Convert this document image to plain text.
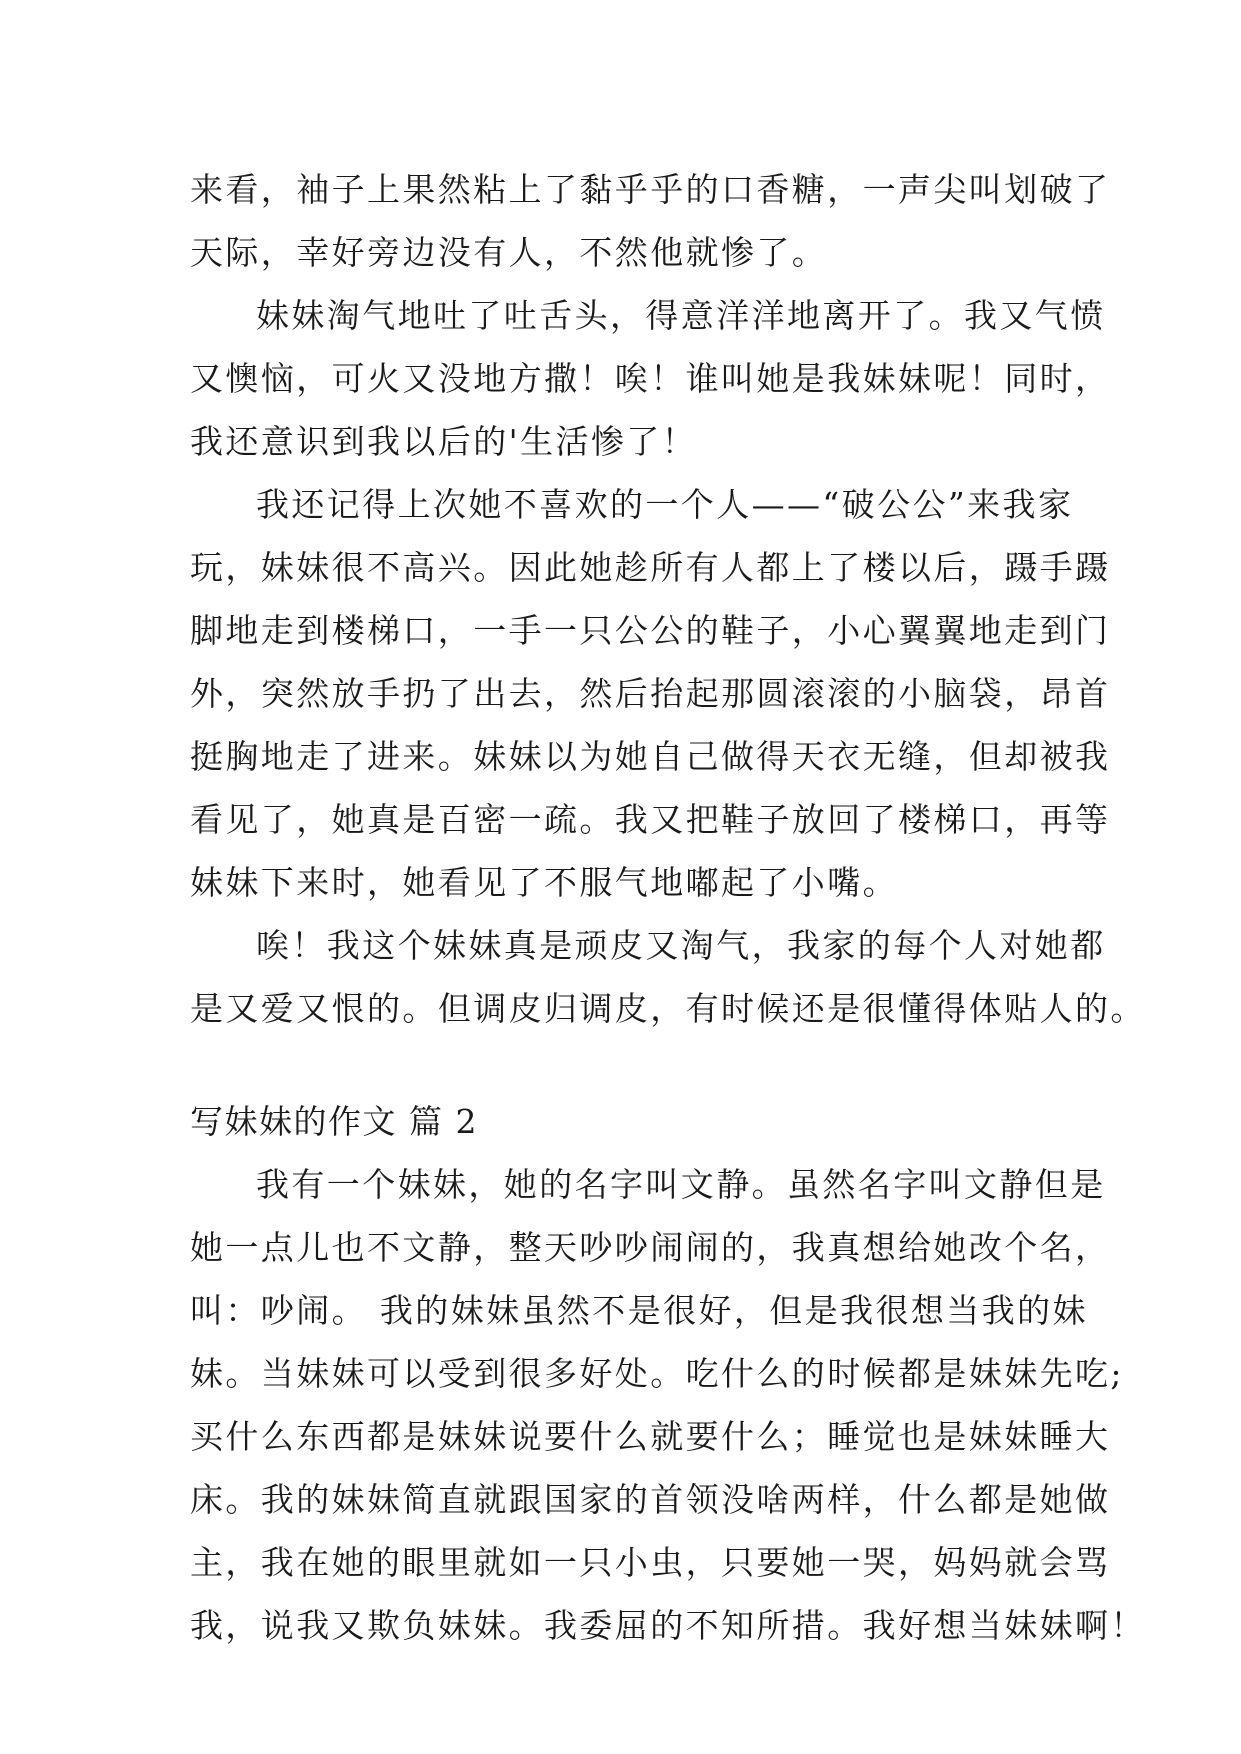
来看，袖子上果然粘上了黏乎乎的口香糖，一声尖叫划破了
天际，幸好旁边没有人，不然他就惨了。
妹妹淘气地吐了吐舌头，得意洋洋地离开了。我又气愤
又懊恼，可火又没地方撒！唉！谁叫她是我妹妹呢！同时，
我还意识到我以后的'生活惨了！
我还记得上次她不喜欢的一个人——“破公公”来我家
玩，妹妹很不高兴。因此她趁所有人都上了楼以后，蹑手蹑
脚地走到楼梯口，一手一只公公的鞋子，小心翼翼地走到门
外，突然放手扔了出去，然后抬起那圆滚滚的小脑袋，昂首
挺胸地走了进来。妹妹以为她自己做得天衣无缝，但却被我
看见了，她真是百密一疏。我又把鞋子放回了楼梯口，再等
妹妹下来时，她看见了不服气地嘟起了小嘴。
唉！我这个妹妹真是顽皮又淘气，我家的每个人对她都
是又爱又恨的。但调皮归调皮，有时候还是很懂得体贴人的。
写妹妹的作文 篇 2
我有一个妹妹，她的名字叫文静。虽然名字叫文静但是
她一点儿也不文静，整天吵吵闹闹的，我真想给她改个名，
叫：吵闹。 我的妹妹虽然不是很好，但是我很想当我的妹
妹。当妹妹可以受到很多好处。吃什么的时候都是妹妹先吃;
买什么东西都是妹妹说要什么就要什么；睡觉也是妹妹睡大
床。我的妹妹简直就跟国家的首领没啥两样，什么都是她做
主，我在她的眼里就如一只小虫，只要她一哭，妈妈就会骂
我，说我又欺负妹妹。我委屈的不知所措。我好想当妹妹啊！
